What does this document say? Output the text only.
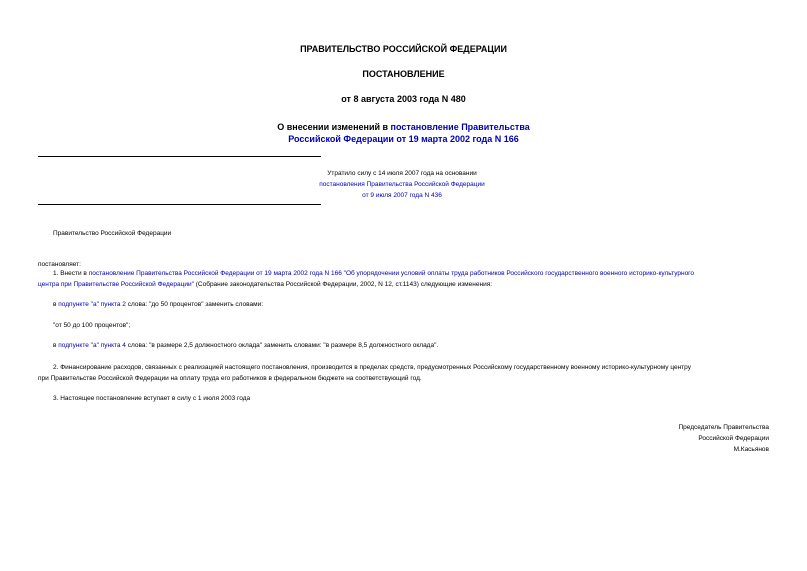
ПРАВИТЕЛЬСТВО РОССИЙСКОЙ ФЕДЕРАЦИИ
ПОСТАНОВЛЕНИЕ
от 8 августа 2003 года N 480
О внесении изменений в постановление Правительства
Российской Федерации от 19 марта 2002 года N 166
Утратило силу с 14 июля 2007 года на основании
постановления Правительства Российской Федерации
от 9 июля 2007 года N 436
Правительство Российской Федерации
постановляет:
1. Внести в постановление Правительства Российской Федерации от 19 марта 2002 года N 166 "Об упорядочении условий оплаты труда работников Российского государственного военного историко-культурного
центра при Правительстве Российской Федерации" (Собрание законодательства Российской Федерации, 2002, N 12, ст.1143) следующие изменения:
в подпункте "а" пункта 2 слова: "до 50 процентов" заменить словами:
"от 50 до 100 процентов";
в подпункте "а" пункта 4 слова: "в размере 2,5 должностного оклада" заменить словами: "в размере 8,5 должностного оклада".
2. Финансирование расходов, связанных с реализацией настоящего постановления, производится в пределах средств, предусмотренных Российскому государственному военному историко-культурному центру
при Правительстве Российской Федерации на оплату труда его работников в федеральном бюджете на соответствующий год.
3. Настоящее постановление вступает в силу с 1 июля 2003 года
Председатель Правительства
Российской Федерации
М.Касьянов
